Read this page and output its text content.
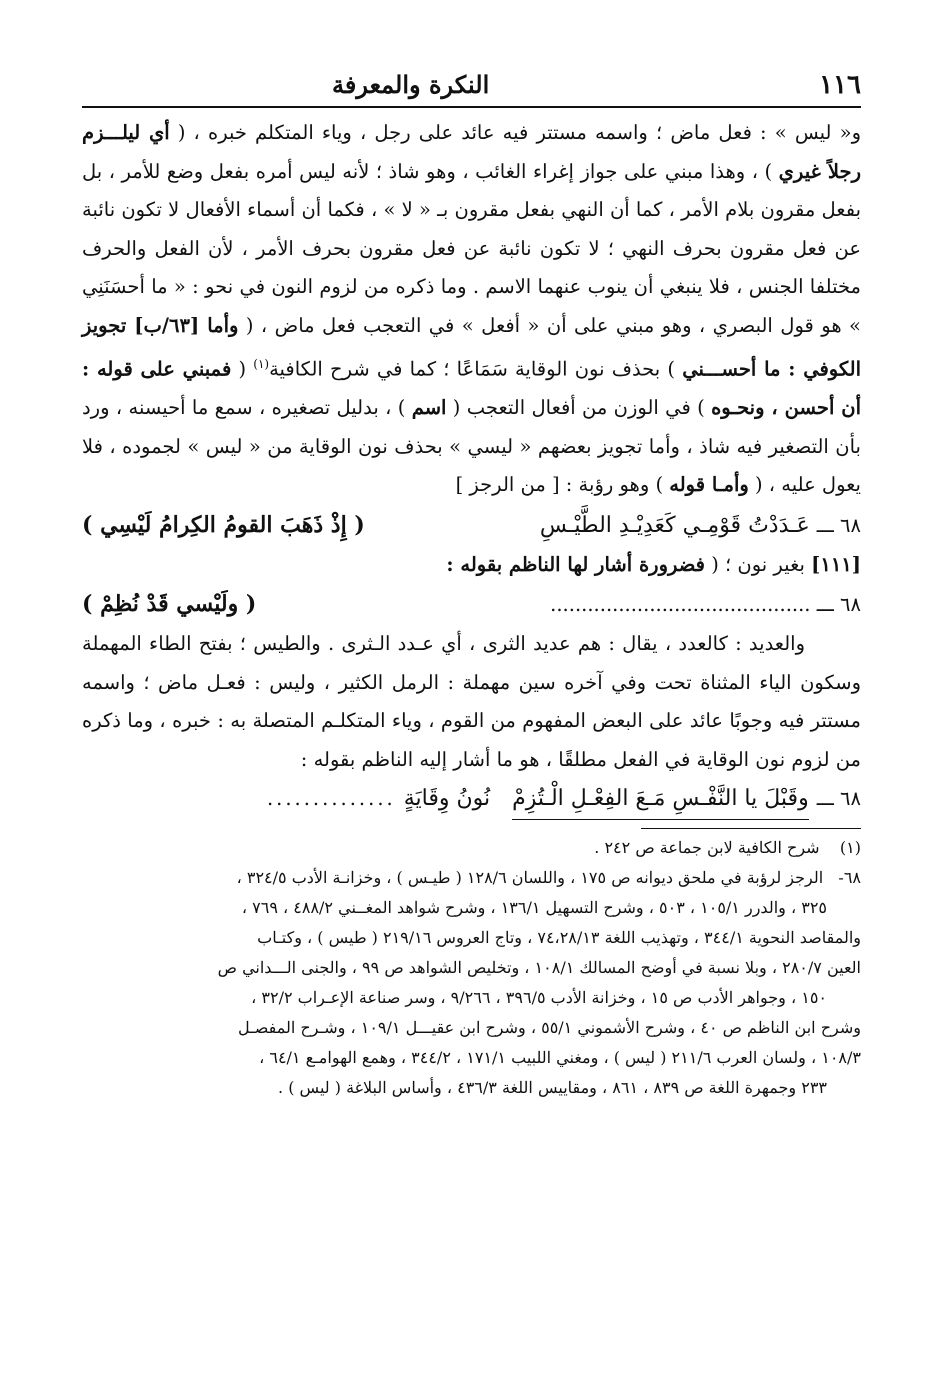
١١٦
النكرة والمعرفة

و« ليس » : فعل ماض ؛ واسمه مستتر فيه عائد على رجل ، وياء المتكلم خبره ، ( أي ليلـــزم رجلاً غيري ) ، وهذا مبني على جواز إغراء الغائب ، وهو شاذ ؛ لأنه ليس أمره بفعل وضع للأمر ، بل بفعل مقرون بلام الأمر ، كما أن النهي بفعل مقرون بـ « لا » ، فكما أن أسماء الأفعال لا تكون نائبة عن فعل مقرون بحرف النهي ؛ لا تكون نائبة عن فعل مقرون بحرف الأمر ، لأن الفعل والحرف مختلفا الجنس ، فلا ينبغي أن ينوب عنهما الاسم . وما ذكره من لزوم النون في نحو : « ما أحسَنَنِي » هو قول البصري ، وهو مبني على أن « أفعل » في التعجب فعل ماض ، ( وأما [٦٣/ب] تجويز الكوفي : ما أحســـني ) بحذف نون الوقاية سَمَاعًا ؛ كما في شرح الكافية$^{(١)}$ ( فمبني على قوله : أن أحسن ، ونحـوه ) في الوزن من أفعال التعجب ( اسم ) ، بدليل تصغيره ، سمع ما أحيسنه ، ورد بأن التصغير فيه شاذ ، وأما تجويز بعضهم « ليسي » بحذف نون الوقاية من « ليس » لجموده ، فلا يعول عليه ، ( وأمـا قوله ) وهو رؤبة : [ من الرجز ]

٦٨ ـــ عَـدَدْتُ قَوْمِـي كَعَدِيْـدِ الطَّيْـسِ
( إِذْ ذَهَبَ القومُ الكِرامُ لَيْسِي )

[١١١] بغير نون ؛ ( فضرورة أشار لها الناظم بقوله :

٦٨ ـــ ..........................................
( ولَيْسي قَدْ نُظِمْ )

والعديد : كالعدد ، يقال : هم عديد الثرى ، أي عـدد الـثرى . والطيس ؛ بفتح الطاء المهملة وسكون الياء المثناة تحت وفي آخره سين مهملة : الرمل الكثير ، وليس : فعـل ماض ؛ واسمه مستتر فيه وجوبًا عائد على البعض المفهوم من القوم ، وياء المتكلـم المتصلة به : خبره ، وما ذكره من لزوم نون الوقاية في الفعل مطلقًا ، هو ما أشار إليه الناظم بقوله :

٦٨ ـــ
وقَبْلَ يا النَّفْـسِ مَـعَ الفِعْـلِ الْـتُزِمْ
نُونُ وِقَايَةٍ
..............

(١)    شرح الكافية لابن جماعة ص ٢٤٢ .

٦٨-   الرجز لرؤبة في ملحق ديوانه ص ١٧٥ ، واللسان ١٢٨/٦ ( طيـس ) ، وخزانـة الأدب ٣٢٤/٥ ،

٣٢٥ ، والدرر ١٠٥/١ ، ٥٠٣ ، وشرح التسهيل ١٣٦/١ ، وشرح شواهد المغــني ٤٨٨/٢ ، ٧٦٩ ،

والمقاصد النحوية ٣٤٤/١ ، وتهذيب اللغة ٧٤،٢٨/١٣ ، وتاج العروس ٢١٩/١٦ ( طيس ) ، وكتـاب

العين ٢٨٠/٧ ، وبلا نسبة في أوضح المسالك ١٠٨/١ ، وتخليص الشواهد ص ٩٩ ، والجنى الـــداني ص

١٥٠ ، وجواهر الأدب ص ١٥ ، وخزانة الأدب ٣٩٦/٥ ، ٩/٢٦٦ ، وسر صناعة الإعـراب ٣٢/٢ ،

وشرح ابن الناظم ص ٤٠ ، وشرح الأشموني ٥٥/١ ، وشرح ابن عقيـــل ١٠٩/١ ، وشـرح المفصـل

١٠٨/٣ ، ولسان العرب ٢١١/٦ ( ليس ) ، ومغني اللبيب ١٧١/١ ، ٣٤٤/٢ ، وهمع الهوامـع ٦٤/١ ،

٢٣٣ وجمهرة اللغة ص ٨٣٩ ، ٨٦١ ، ومقاييس اللغة ٤٣٦/٣ ، وأساس البلاغة ( ليس ) .
